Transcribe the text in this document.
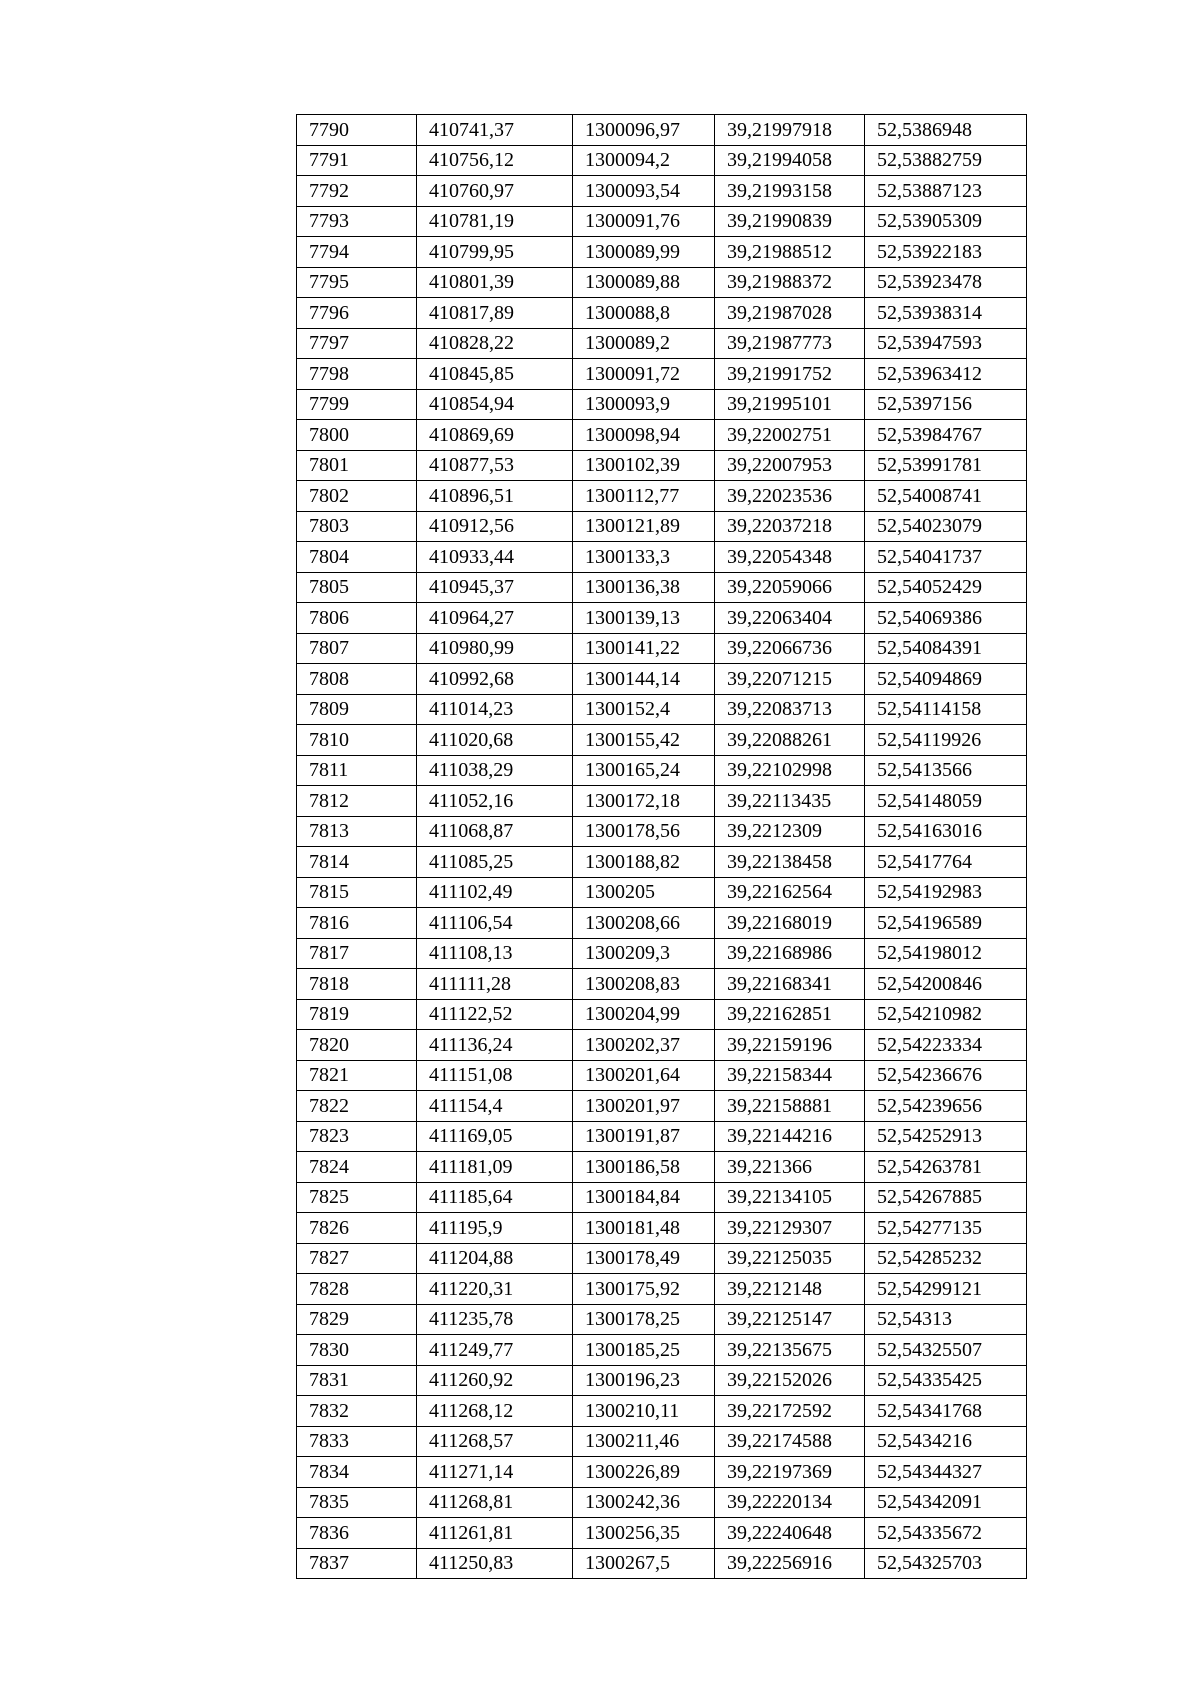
7790	410741,37	1300096,97	39,21997918	52,5386948
7791	410756,12	1300094,2	39,21994058	52,53882759
7792	410760,97	1300093,54	39,21993158	52,53887123
7793	410781,19	1300091,76	39,21990839	52,53905309
7794	410799,95	1300089,99	39,21988512	52,53922183
7795	410801,39	1300089,88	39,21988372	52,53923478
7796	410817,89	1300088,8	39,21987028	52,53938314
7797	410828,22	1300089,2	39,21987773	52,53947593
7798	410845,85	1300091,72	39,21991752	52,53963412
7799	410854,94	1300093,9	39,21995101	52,5397156
7800	410869,69	1300098,94	39,22002751	52,53984767
7801	410877,53	1300102,39	39,22007953	52,53991781
7802	410896,51	1300112,77	39,22023536	52,54008741
7803	410912,56	1300121,89	39,22037218	52,54023079
7804	410933,44	1300133,3	39,22054348	52,54041737
7805	410945,37	1300136,38	39,22059066	52,54052429
7806	410964,27	1300139,13	39,22063404	52,54069386
7807	410980,99	1300141,22	39,22066736	52,54084391
7808	410992,68	1300144,14	39,22071215	52,54094869
7809	411014,23	1300152,4	39,22083713	52,54114158
7810	411020,68	1300155,42	39,22088261	52,54119926
7811	411038,29	1300165,24	39,22102998	52,5413566
7812	411052,16	1300172,18	39,22113435	52,54148059
7813	411068,87	1300178,56	39,2212309	52,54163016
7814	411085,25	1300188,82	39,22138458	52,5417764
7815	411102,49	1300205	39,22162564	52,54192983
7816	411106,54	1300208,66	39,22168019	52,54196589
7817	411108,13	1300209,3	39,22168986	52,54198012
7818	411111,28	1300208,83	39,22168341	52,54200846
7819	411122,52	1300204,99	39,22162851	52,54210982
7820	411136,24	1300202,37	39,22159196	52,54223334
7821	411151,08	1300201,64	39,22158344	52,54236676
7822	411154,4	1300201,97	39,22158881	52,54239656
7823	411169,05	1300191,87	39,22144216	52,54252913
7824	411181,09	1300186,58	39,221366	52,54263781
7825	411185,64	1300184,84	39,22134105	52,54267885
7826	411195,9	1300181,48	39,22129307	52,54277135
7827	411204,88	1300178,49	39,22125035	52,54285232
7828	411220,31	1300175,92	39,2212148	52,54299121
7829	411235,78	1300178,25	39,22125147	52,54313
7830	411249,77	1300185,25	39,22135675	52,54325507
7831	411260,92	1300196,23	39,22152026	52,54335425
7832	411268,12	1300210,11	39,22172592	52,54341768
7833	411268,57	1300211,46	39,22174588	52,5434216
7834	411271,14	1300226,89	39,22197369	52,54344327
7835	411268,81	1300242,36	39,22220134	52,54342091
7836	411261,81	1300256,35	39,22240648	52,54335672
7837	411250,83	1300267,5	39,22256916	52,54325703
